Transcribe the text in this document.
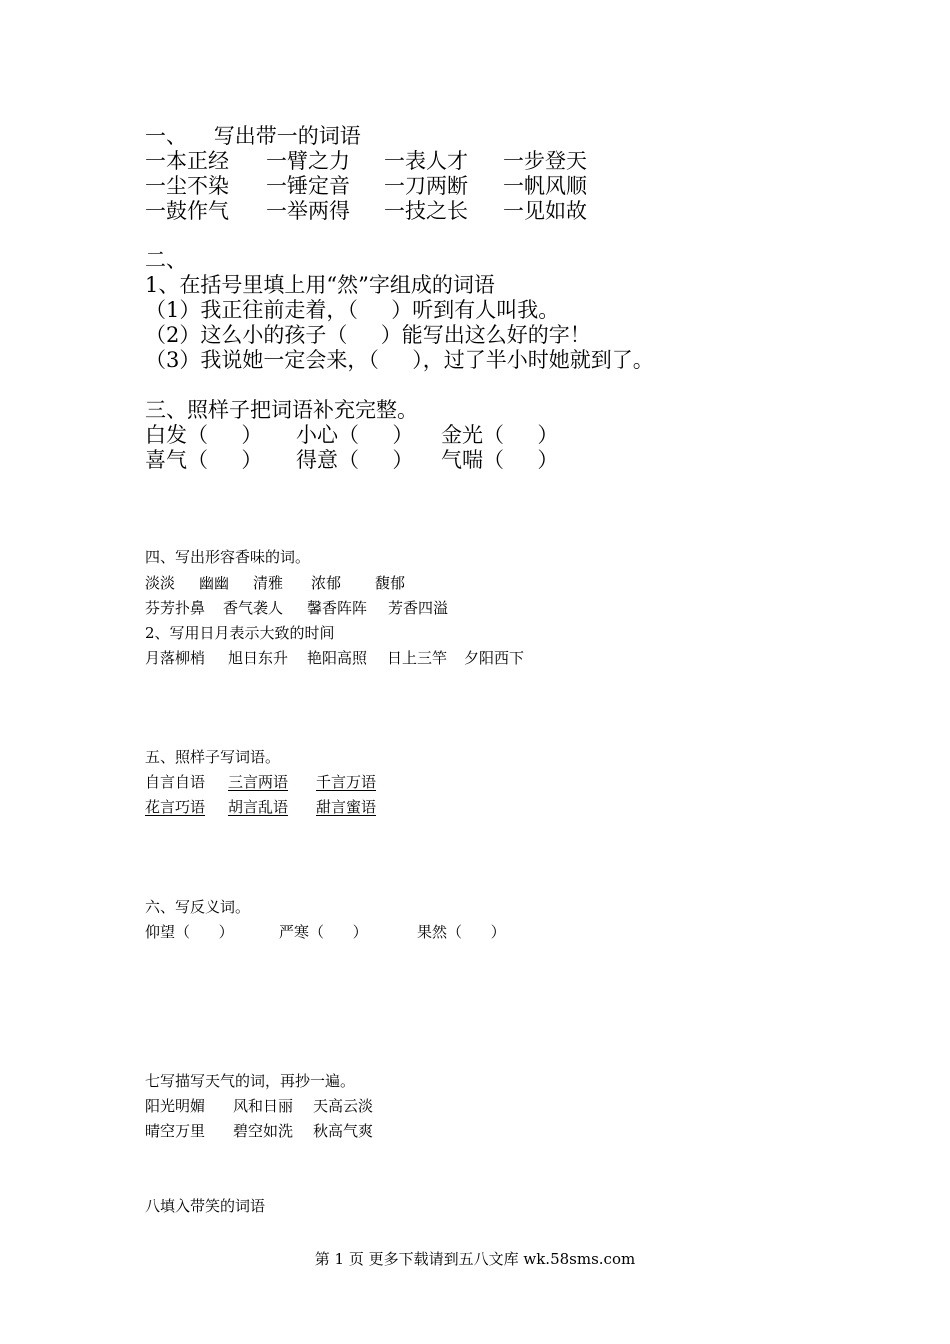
一、    写出带一的词语
一本正经 一臂之力 一表人才 一步登天
一尘不染 一锤定音 一刀两断 一帆风顺
一鼓作气 一举两得 一技之长 一见如故
二、
1、在括号里填上用“然”字组成的词语
（1）我正往前走着，（     ）听到有人叫我。
（2）这么小的孩子（     ）能写出这么好的字！
（3）我说她一定会来，（     ），过了半小时她就到了。
三、照样子把词语补充完整。
白发（     ） 小心（     ） 金光（     ）
喜气（     ） 得意（     ） 气喘（     ）
四、写出形容香味的词。
淡淡 幽幽 清雅 浓郁 馥郁
芬芳扑鼻 香气袭人 馨香阵阵 芳香四溢
2、写用日月表示大致的时间
月落柳梢 旭日东升 艳阳高照 日上三竿 夕阳西下
五、照样子写词语。
自言自语 三言两语	千言万语
花言巧语	胡言乱语	甜言蜜语
六、写反义词。
仰望（      ）	严寒（      ）	果然（      ）
七写描写天气的词，再抄一遍。
阳光明媚 风和日丽 天高云淡
晴空万里 碧空如洗 秋高气爽
八填入带笑的词语
第 1 页 更多下载请到五八文库 wk.58sms.com
